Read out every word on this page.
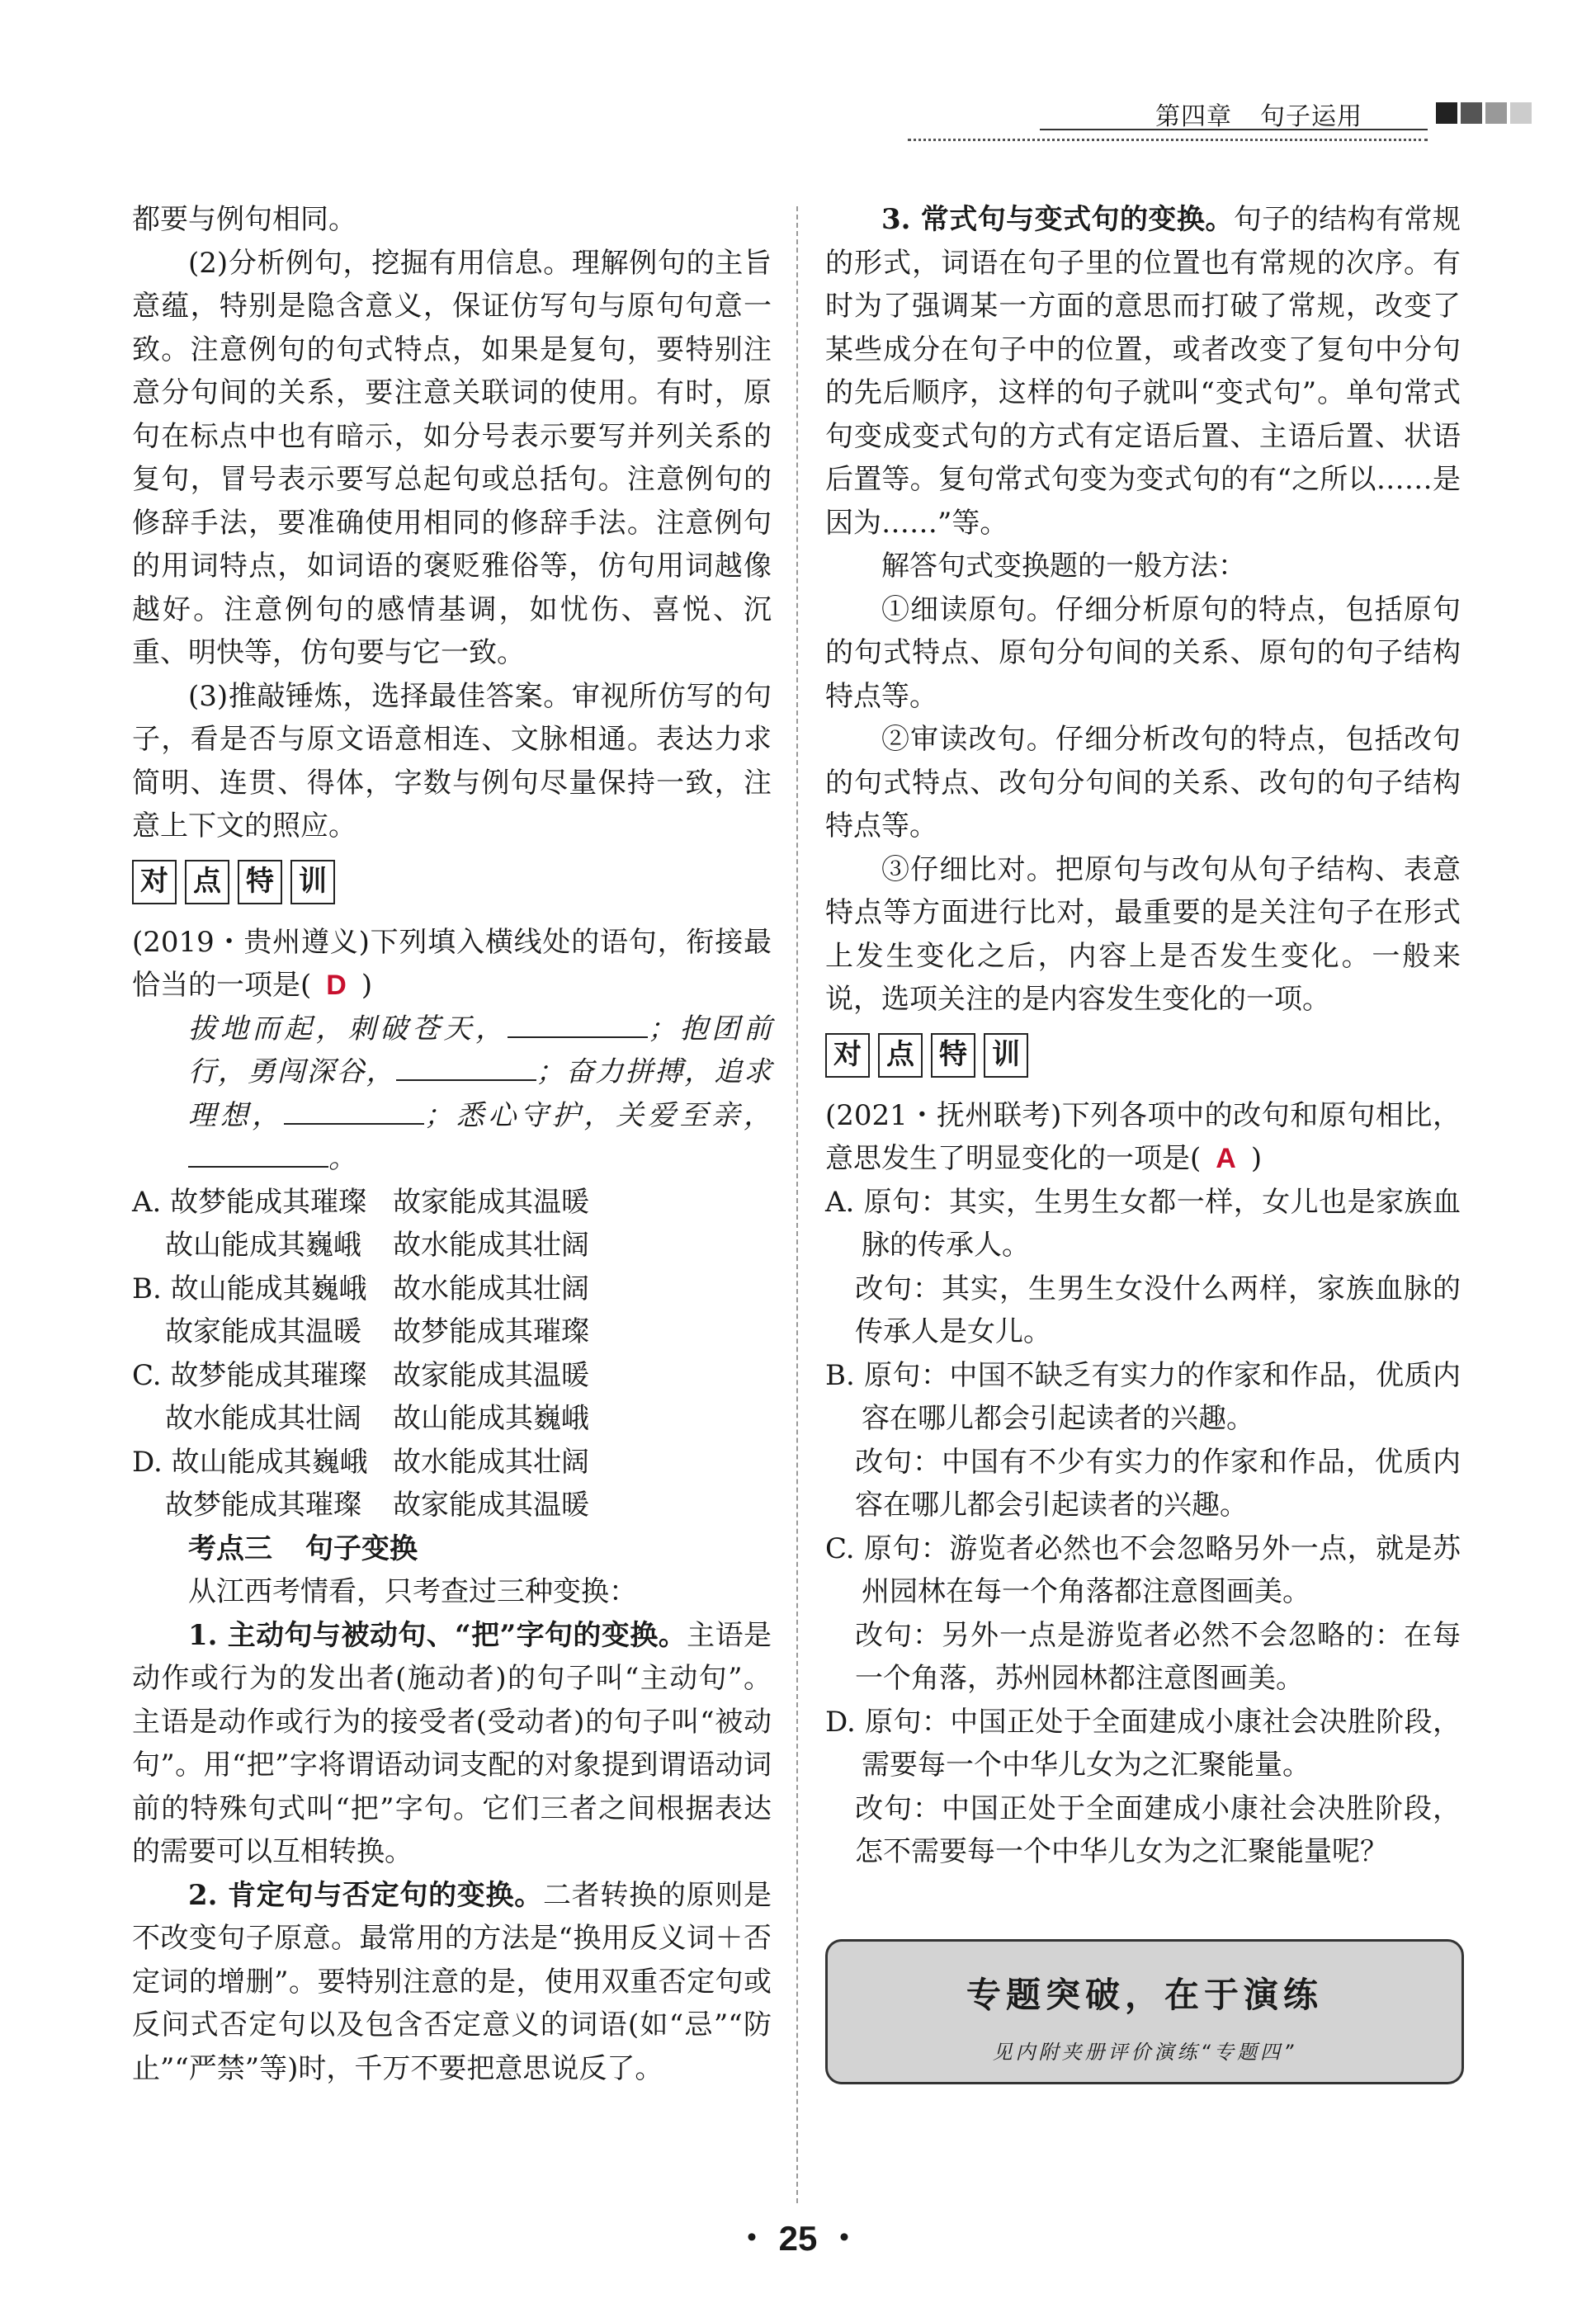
第四章 句子运用

都要与例句相同。

(2)分析例句，挖掘有用信息。理解例句的主旨意蕴，特别是隐含意义，保证仿写句与原句句意一致。注意例句的句式特点，如果是复句，要特别注意分句间的关系，要注意关联词的使用。有时，原句在标点中也有暗示，如分号表示要写并列关系的复句，冒号表示要写总起句或总括句。注意例句的修辞手法，要准确使用相同的修辞手法。注意例句的用词特点，如词语的褒贬雅俗等，仿句用词越像越好。注意例句的感情基调，如忧伤、喜悦、沉重、明快等，仿句要与它一致。

(3)推敲锤炼，选择最佳答案。审视所仿写的句子，看是否与原文语意相连、文脉相通。表达力求简明、连贯、得体，字数与例句尽量保持一致，注意上下文的照应。

对 点 特 训

(2019・贵州遵义)下列填入横线处的语句，衔接最恰当的一项是( D )

拔地而起，刺破苍天，	；抱团前行，勇闯深谷，	；奋力拼搏，追求理想，	；悉心守护，关爱至亲，。

A. 故梦能成其璀璨 故家能成其温暖
故山能成其巍峨	故水能成其壮阔
B. 故山能成其巍峨 故水能成其壮阔
故家能成其温暖	故梦能成其璀璨
C. 故梦能成其璀璨 故家能成其温暖
故水能成其壮阔	故山能成其巍峨
D. 故山能成其巍峨 故水能成其壮阔
故梦能成其璀璨	故家能成其温暖

考点三 句子变换

从江西考情看，只考查过三种变换：

1. 主动句与被动句、“把”字句的变换。主语是动作或行为的发出者(施动者)的句子叫“主动句”。主语是动作或行为的接受者(受动者)的句子叫“被动句”。用“把”字将谓语动词支配的对象提到谓语动词前的特殊句式叫“把”字句。它们三者之间根据表达的需要可以互相转换。

2. 肯定句与否定句的变换。二者转换的原则是不改变句子原意。最常用的方法是“换用反义词＋否定词的增删”。要特别注意的是，使用双重否定句或反问式否定句以及包含否定意义的词语(如“忌”“防止”“严禁”等)时，千万不要把意思说反了。

3. 常式句与变式句的变换。句子的结构有常规的形式，词语在句子里的位置也有常规的次序。有时为了强调某一方面的意思而打破了常规，改变了某些成分在句子中的位置，或者改变了复句中分句的先后顺序，这样的句子就叫“变式句”。单句常式句变成变式句的方式有定语后置、主语后置、状语后置等。复句常式句变为变式句的有“之所以……是因为……”等。

解答句式变换题的一般方法：

①细读原句。仔细分析原句的特点，包括原句的句式特点、原句分句间的关系、原句的句子结构特点等。

②审读改句。仔细分析改句的特点，包括改句的句式特点、改句分句间的关系、改句的句子结构特点等。

③仔细比对。把原句与改句从句子结构、表意特点等方面进行比对，最重要的是关注句子在形式上发生变化之后，内容上是否发生变化。一般来说，选项关注的是内容发生变化的一项。

对 点 特 训

(2021・抚州联考)下列各项中的改句和原句相比，意思发生了明显变化的一项是( A )

A. 原句：其实，生男生女都一样，女儿也是家族血脉的传承人。

改句：其实，生男生女没什么两样，家族血脉的传承人是女儿。

B. 原句：中国不缺乏有实力的作家和作品，优质内容在哪儿都会引起读者的兴趣。

改句：中国有不少有实力的作家和作品，优质内容在哪儿都会引起读者的兴趣。

C. 原句：游览者必然也不会忽略另外一点，就是苏州园林在每一个角落都注意图画美。

改句：另外一点是游览者必然不会忽略的：在每一个角落，苏州园林都注意图画美。

D. 原句：中国正处于全面建成小康社会决胜阶段，需要每一个中华儿女为之汇聚能量。

改句：中国正处于全面建成小康社会决胜阶段，怎不需要每一个中华儿女为之汇聚能量呢？

专题突破，在于演练
见内附夹册评价演练“专题四”
・ 25 ・
